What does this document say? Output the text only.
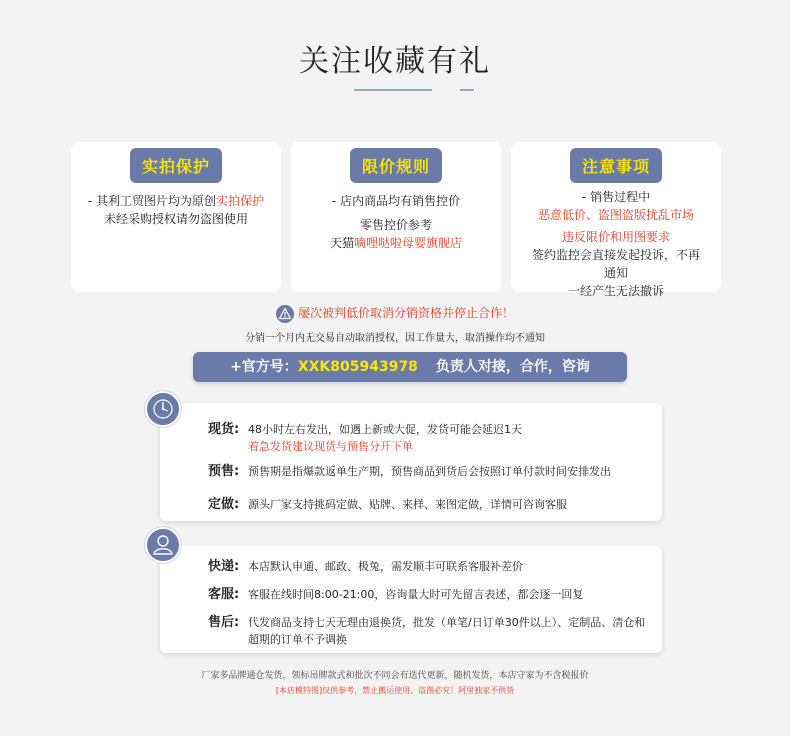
关注收藏有礼
实拍保护
- 其利工贸图片均为原创实拍保护
未经采购授权请勿盗图使用
限价规则
- 店内商品均有销售控价
零售控价参考
天猫嘀哩哒啦母婴旗舰店
注意事项
- 销售过程中
恶意低价、盗图盗版扰乱市场
违反限价和用图要求
签约监控会直接发起投诉，不再通知
一经产生无法撤诉
屡次被判低价取消分销资格并停止合作！
分销一个月内无交易自动取消授权，因工作量大，取消操作均不通知
+官方号：XXK805943978 负责人对接，合作，咨询
现货: 48小时左右发出，如遇上新或大促，发货可能会延迟1天
着急发货建议现货与预售分开下单
预售: 预售期是指爆款返单生产期，预售商品到货后会按照订单付款时间安排发出
定做: 源头厂家支持挑码定做、贴牌、来样、来图定做，详情可咨询客服
快递: 本店默认申通、邮政、极兔，需发顺丰可联系客服补差价
客服: 客服在线时间8:00-21:00，咨询量大时可先留言表述，都会逐一回复
售后: 代发商品支持七天无理由退换货，批发（单笔/日订单30件以上）、定制品、清仓和超期的订单不予调换
厂家多品牌通仓发货，领标吊牌款式和批次不同会有迭代更新，随机发货，本店守家为不含税报价
[本店模特图]仅供参考，禁止搬运使用、盗图必究！阿里独家不供货
